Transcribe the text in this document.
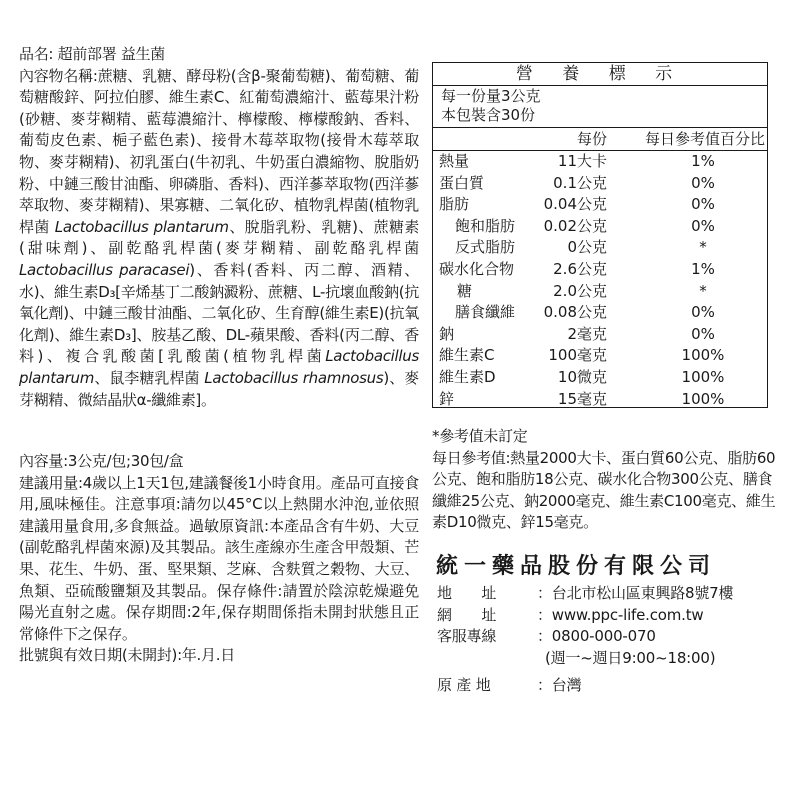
品名: 超前部署 益生菌

內容物名稱:蔗糖、乳糖、酵母粉(含β-聚葡萄糖)、葡萄糖、葡萄糖酸鋅、阿拉伯膠、維生素C、紅葡萄濃縮汁、藍莓果汁粉(砂糖、麥芽糊精、藍莓濃縮汁、檸檬酸、檸檬酸鈉、香料、葡萄皮色素、梔子藍色素)、接骨木莓萃取物(接骨木莓萃取物、麥芽糊精)、初乳蛋白(牛初乳、牛奶蛋白濃縮物、脫脂奶粉、中鏈三酸甘油酯、卵磷脂、香料)、西洋蔘萃取物(西洋蔘萃取物、麥芽糊精)、果寡糖、二氧化矽、植物乳桿菌(植物乳桿菌 Lactobacillus plantarum、脫脂乳粉、乳糖)、蔗糖素(甜味劑)、副乾酪乳桿菌(麥芽糊精、副乾酪乳桿菌 Lactobacillus paracasei)、香料(香料、丙二醇、酒精、水)、維生素D₃[辛烯基丁二酸鈉澱粉、蔗糖、L-抗壞血酸鈉(抗氧化劑)、中鏈三酸甘油酯、二氧化矽、生育醇(維生素E)(抗氧化劑)、維生素D₃]、胺基乙酸、DL-蘋果酸、香料(丙二醇、香料)、複合乳酸菌[乳酸菌(植物乳桿菌Lactobacillus plantarum、鼠李糖乳桿菌 Lactobacillus rhamnosus)、麥芽糊精、微結晶狀α-纖維素]。

內容量:3公克/包;30包/盒

建議用量:4歲以上1天1包,建議餐後1小時食用。產品可直接食用,風味極佳。注意事項:請勿以45°C以上熱開水沖泡,並依照建議用量食用,多食無益。過敏原資訊:本產品含有牛奶、大豆(副乾酪乳桿菌來源)及其製品。該生產線亦生產含甲殼類、芒果、花生、牛奶、蛋、堅果類、芝麻、含麩質之穀物、大豆、魚類、亞硫酸鹽類及其製品。保存條件:請置於陰涼乾燥避免陽光直射之處。保存期間:2年,保存期間係指未開封狀態且正常條件下之保存。

批號與有效日期(未開封):年.月.日

營 養 標 示
每一份量3公克
本包裝含30份
每份	每日參考值百分比
熱量	11大卡	1%
蛋白質	0.1公克	0%
脂肪	0.04公克	0%
飽和脂肪 0.02公克	0%
反式脂肪	0公克	*
碳水化合物	2.6公克	1%
糖	2.0公克	*
膳食纖維 0.08公克	0%
鈉	2毫克	0%
維生素C	100毫克	100%
維生素D	10微克	100%
鋅	15毫克	100%

*參考值未訂定

每日參考值:熱量2000大卡、蛋白質60公克、脂肪60公克、飽和脂肪18公克、碳水化合物300公克、膳食纖維25公克、鈉2000毫克、維生素C100毫克、維生素D10微克、鋅15毫克。

統一藥品股份有限公司
地　　址	：台北市松山區東興路8號7樓
網　　址	：www.ppc-life.com.tw
客服專線	：0800-000-070
(週一~週日9:00~18:00)
原 產 地	：台灣
